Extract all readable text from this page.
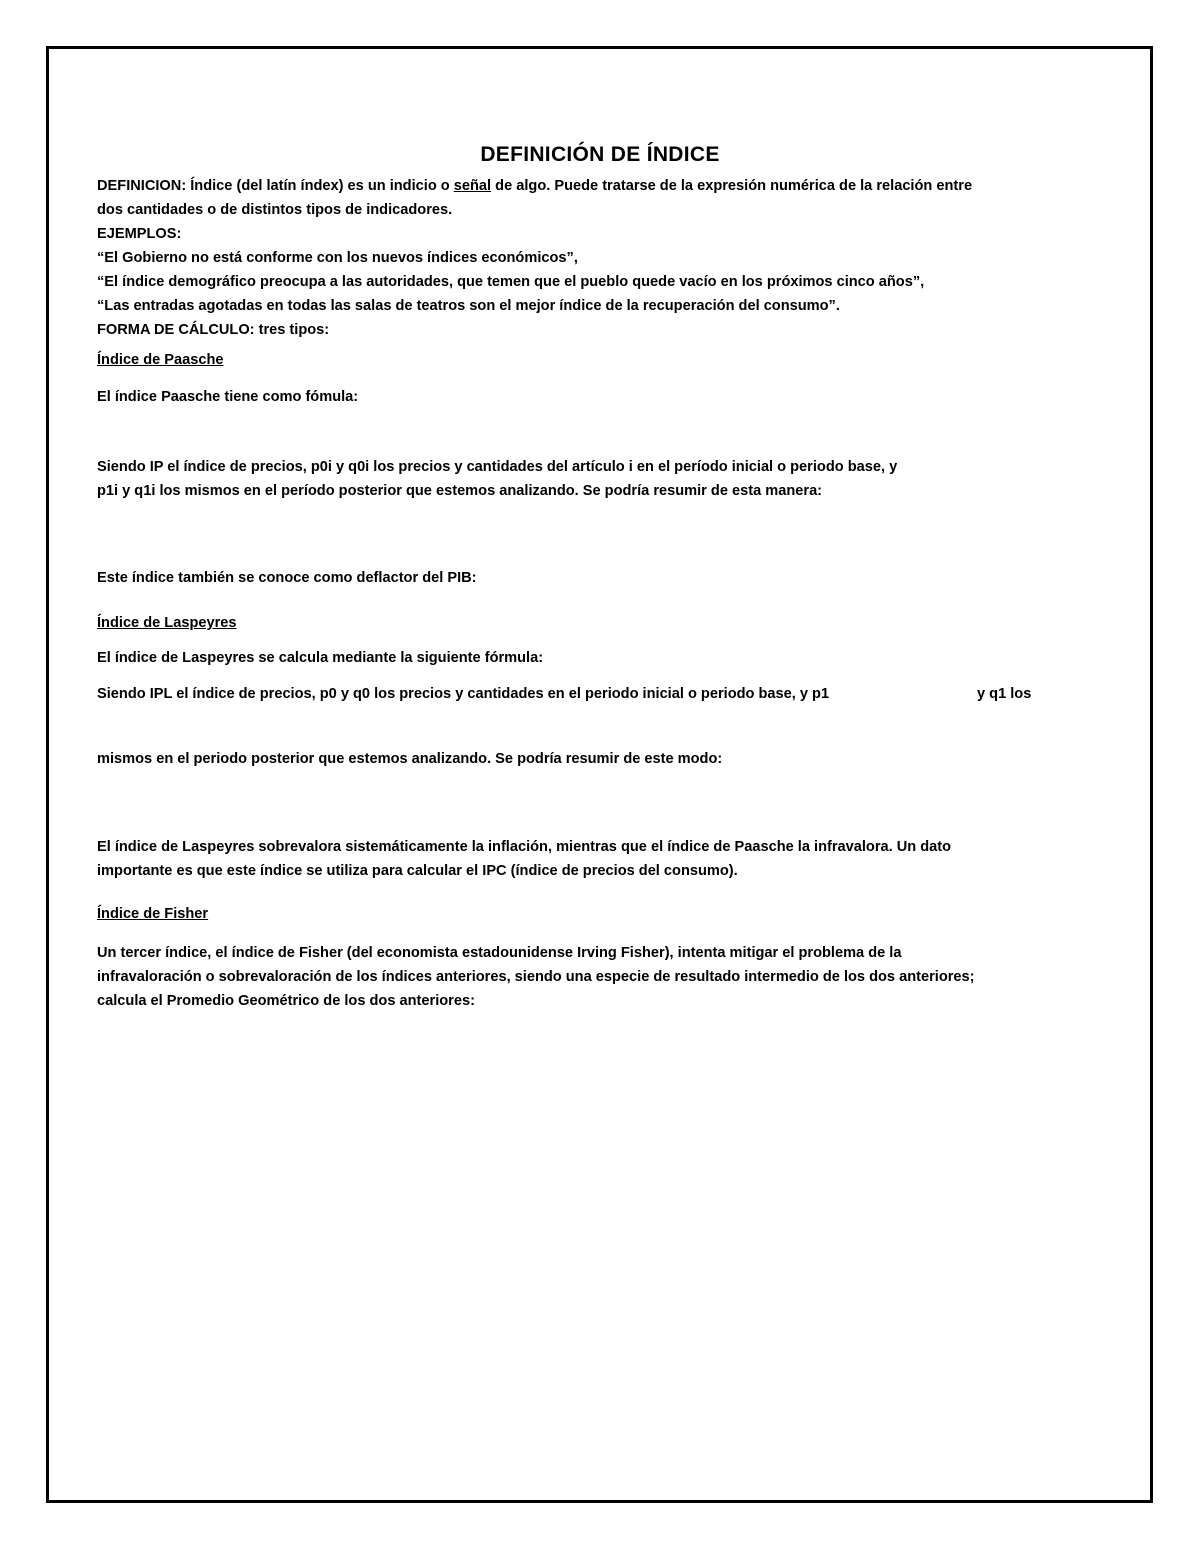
DEFINICIÓN DE ÍNDICE
DEFINICION: Índice (del latín índex) es un indicio o señal de algo. Puede tratarse de la expresión numérica de la relación entre
dos cantidades o de distintos tipos de indicadores.
EJEMPLOS:
“El Gobierno no está conforme con los nuevos índices económicos”,
“El índice demográfico preocupa a las autoridades, que temen que el pueblo quede vacío en los próximos cinco años”,
“Las entradas agotadas en todas las salas de teatros son el mejor índice de la recuperación del consumo”.
FORMA DE CÁLCULO: tres tipos:
Índice de Paasche
El índice Paasche tiene como fómula:
Siendo IP el índice de precios, p0i y q0i los precios y cantidades del artículo i en el período inicial o periodo base, y
p1i y q1i los mismos en el período posterior que estemos analizando. Se podría resumir de esta manera:
Este índice también se conoce como deflactor del PIB:
Índice de Laspeyres
El índice de Laspeyres se calcula mediante la siguiente fórmula:
Siendo IPL el índice de precios, p0 y q0 los precios y cantidades en el periodo inicial o periodo base, y p1	y q1 los
mismos en el periodo posterior que estemos analizando. Se podría resumir de este modo:
El índice de Laspeyres sobrevalora sistemáticamente la inflación, mientras que el índice de Paasche la infravalora. Un dato
importante es que este índice se utiliza para calcular el IPC (índice de precios del consumo).
Índice de Fisher
Un tercer índice, el índice de Fisher (del economista estadounidense Irving Fisher), intenta mitigar el problema de la
infravaloración o sobrevaloración de los índices anteriores, siendo una especie de resultado intermedio de los dos anteriores;
calcula el Promedio Geométrico de los dos anteriores:
